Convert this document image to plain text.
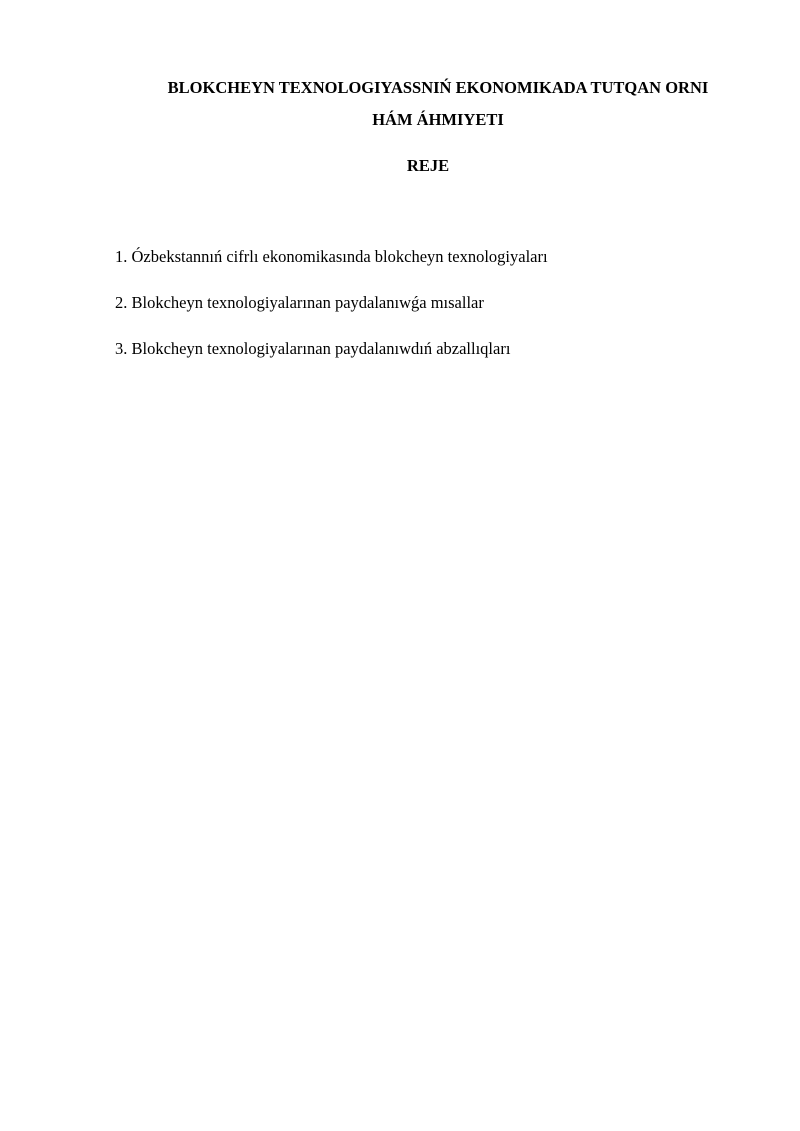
BLOKCHEYN TEXNOLOGIYASSNIŃ EKONOMIKADA TUTQAN ORNI
HÁM ÁHMIYETI
REJE
1. Ózbekstannıń cifrlı ekonomikasında blokcheyn texnologiyaları
2. Blokcheyn texnologiyalarınan paydalanıwǵa mısallar
3. Blokcheyn texnologiyalarınan paydalanıwdıń abzallıqları
